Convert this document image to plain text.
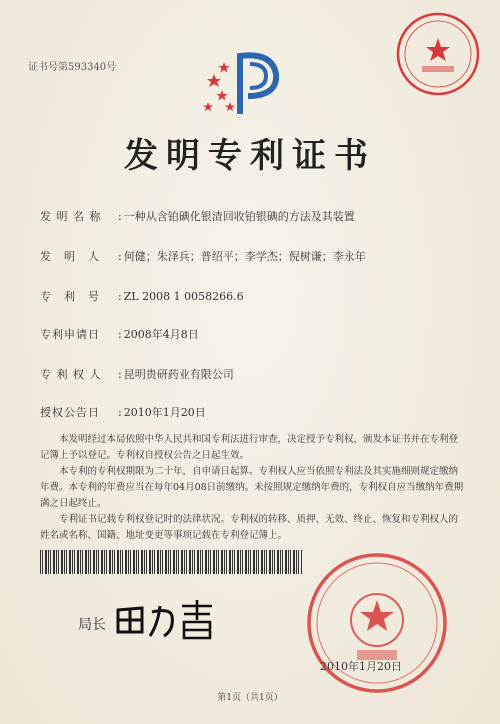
证书号第593340号
发明专利证书
发 明 名 称 : 一种从含铂碘化银渣回收铂银碘的方法及其装置
发　明　人 : 何健；朱泽兵；普绍平；李学杰；倪树谦；李永年
专　利　号 : ZL 2008 1 0058266.6
专利申请日 : 2008年4月8日
专 利 权 人 : 昆明贵研药业有限公司
授权公告日 : 2010年1月20日

本发明经过本局依照中华人民共和国专利法进行审查，决定授予专利权，颁发本证书并在专利登记簿上予以登记。专利权自授权公告之日起生效。

本专利的专利权期限为二十年，自申请日起算。专利权人应当依照专利法及其实施细则规定缴纳年费。本专利的年费应当在每年04月08日前缴纳。未按照规定缴纳年费的，专利权自应当缴纳年费期满之日起终止。

专利证书记载专利权登记时的法律状况。专利权的转移、质押、无效、终止、恢复和专利权人的姓名或名称、国籍、地址变更等事项记载在专利登记簿上。

局长
2010年1月20日
第1页（共1页）
